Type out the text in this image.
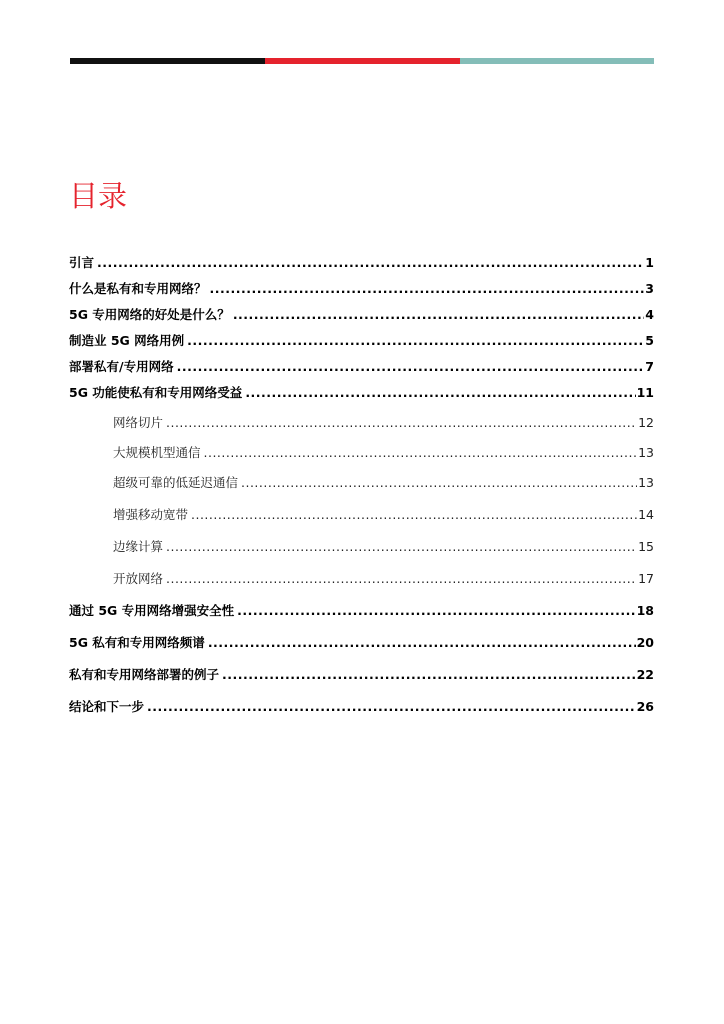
目录
引言 .....	1
什么是私有和专用网络？ .....	3
5G 专用网络的好处是什么？ .....	4
制造业 5G 网络用例 .....	5
部署私有/专用网络 .....	7
5G 功能使私有和专用网络受益 .....	11
网络切片 .....	12
大规模机型通信 .....	13
超级可靠的低延迟通信 .....	13
增强移动宽带 .....	14
边缘计算 .....	15
开放网络 .....	17
通过 5G 专用网络增强安全性 .....	18
5G 私有和专用网络频谱 .....	20
私有和专用网络部署的例子 .....	22
结论和下一步 .....	26
